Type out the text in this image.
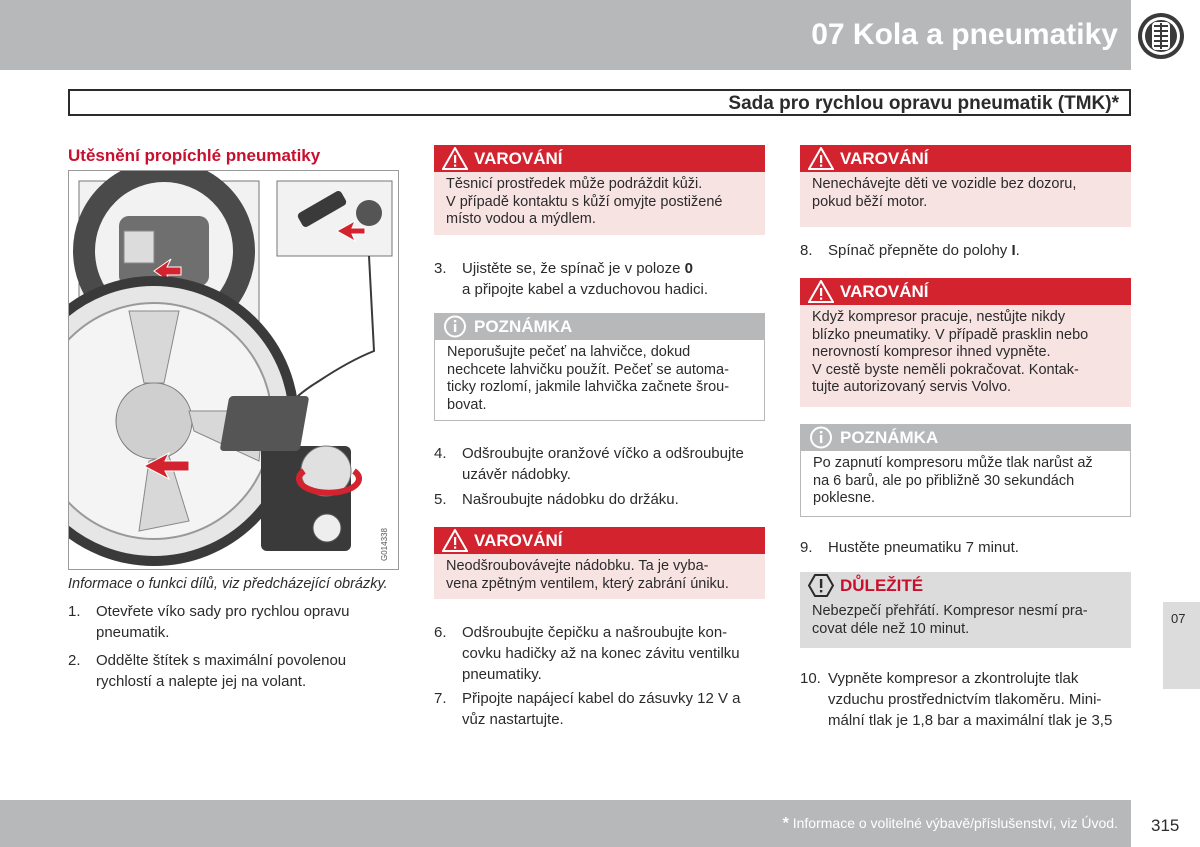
07 Kola a pneumatiky
Sada pro rychlou opravu pneumatik (TMK)*
Utěsnění propíchlé pneumatiky
G014338
Informace o funkci dílů, viz předcházející obrázky.
1. Otevřete víko sady pro rychlou opravu
pneumatik.
2. Oddělte štítek s maximální povolenou
rychlostí a nalepte jej na volant.
VAROVÁNÍ
Těsnicí prostředek může podráždit kůži.
V případě kontaktu s kůží omyjte postižené
místo vodou a mýdlem.
3. Ujistěte se, že spínač je v poloze 0
a připojte kabel a vzduchovou hadici.
POZNÁMKA
Neporušujte pečeť na lahvičce, dokud
nechcete lahvičku použít. Pečeť se automa-
ticky rozlomí, jakmile lahvička začnete šrou-
bovat.
4. Odšroubujte oranžové víčko a odšroubujte
uzávěr nádobky.
5. Našroubujte nádobku do držáku.
VAROVÁNÍ
Neodšroubovávejte nádobku. Ta je vyba-
vena zpětným ventilem, který zabrání úniku.
6. Odšroubujte čepičku a našroubujte kon-
covku hadičky až na konec závitu ventilku
pneumatiky.
7. Připojte napájecí kabel do zásuvky 12 V a
vůz nastartujte.
VAROVÁNÍ
Nenechávejte děti ve vozidle bez dozoru,
pokud běží motor.
8. Spínač přepněte do polohy I.
VAROVÁNÍ
Když kompresor pracuje, nestůjte nikdy
blízko pneumatiky. V případě prasklin nebo
nerovností kompresor ihned vypněte.
V cestě byste neměli pokračovat. Kontak-
tujte autorizovaný servis Volvo.
POZNÁMKA
Po zapnutí kompresoru může tlak narůst až
na 6 barů, ale po přibližně 30 sekundách
poklesne.
9. Hustěte pneumatiku 7 minut.
DŮLEŽITÉ
Nebezpečí přehřátí. Kompresor nesmí pra-
covat déle než 10 minut.
10. Vypněte kompresor a zkontrolujte tlak
vzduchu prostřednictvím tlakoměru. Mini-
mální tlak je 1,8 bar a maximální tlak je 3,5
07
* Informace o volitelné výbavě/příslušenství, viz Úvod. 315
